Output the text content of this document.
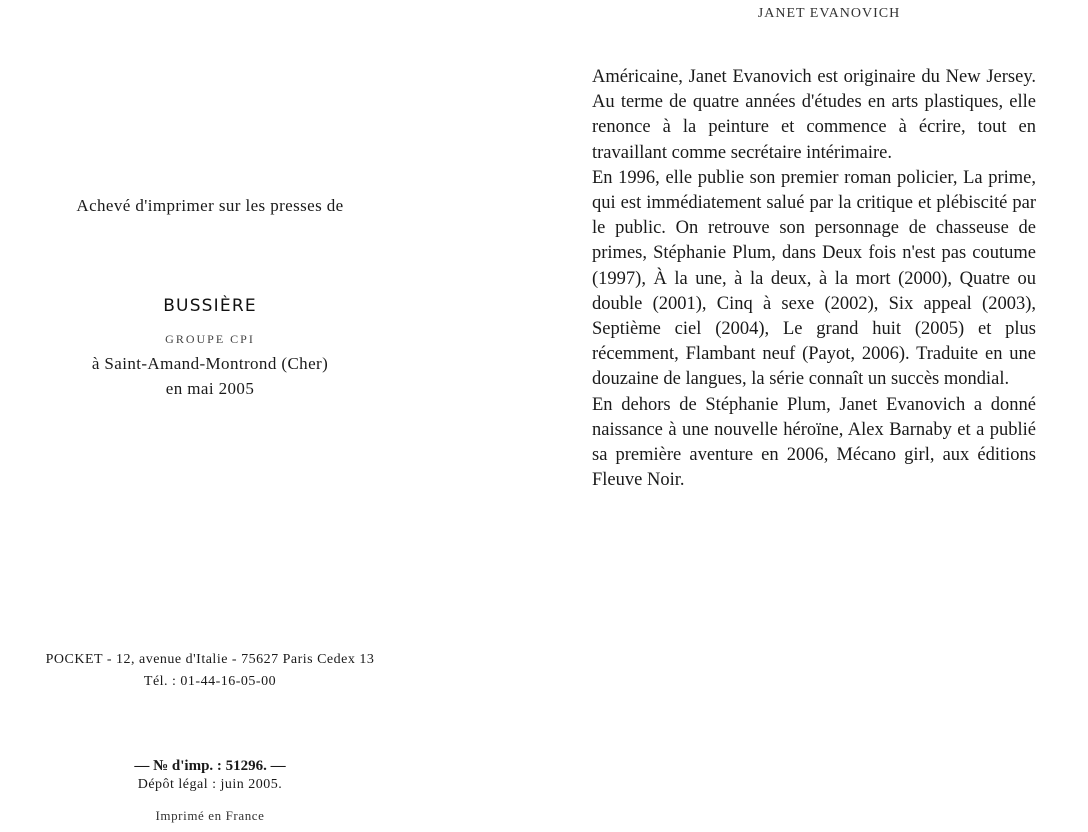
Achevé d'imprimer sur les presses de
BUSSIÈRE
GROUPE CPI
à Saint-Amand-Montrond (Cher)
en mai 2005
POCKET - 12, avenue d'Italie - 75627 Paris Cedex 13
Tél. : 01-44-16-05-00
— № d'imp. : 51296. —
Dépôt légal : juin 2005.
Imprimé en France
JANET EVANOVICH

Américaine, Janet Evanovich est originaire du New Jersey. Au terme de quatre années d'études en arts plastiques, elle renonce à la peinture et commence à écrire, tout en travaillant comme secrétaire intérimaire.

En 1996, elle publie son premier roman policier, La prime, qui est immédiatement salué par la critique et plébiscité par le public. On retrouve son personnage de chasseuse de primes, Stéphanie Plum, dans Deux fois n'est pas coutume (1997), À la une, à la deux, à la mort (2000), Quatre ou double (2001), Cinq à sexe (2002), Six appeal (2003), Septième ciel (2004), Le grand huit (2005) et plus récemment, Flambant neuf (Payot, 2006). Traduite en une douzaine de langues, la série connaît un succès mondial.

En dehors de Stéphanie Plum, Janet Evanovich a donné naissance à une nouvelle héroïne, Alex Barnaby et a publié sa première aventure en 2006, Mécano girl, aux éditions Fleuve Noir.
